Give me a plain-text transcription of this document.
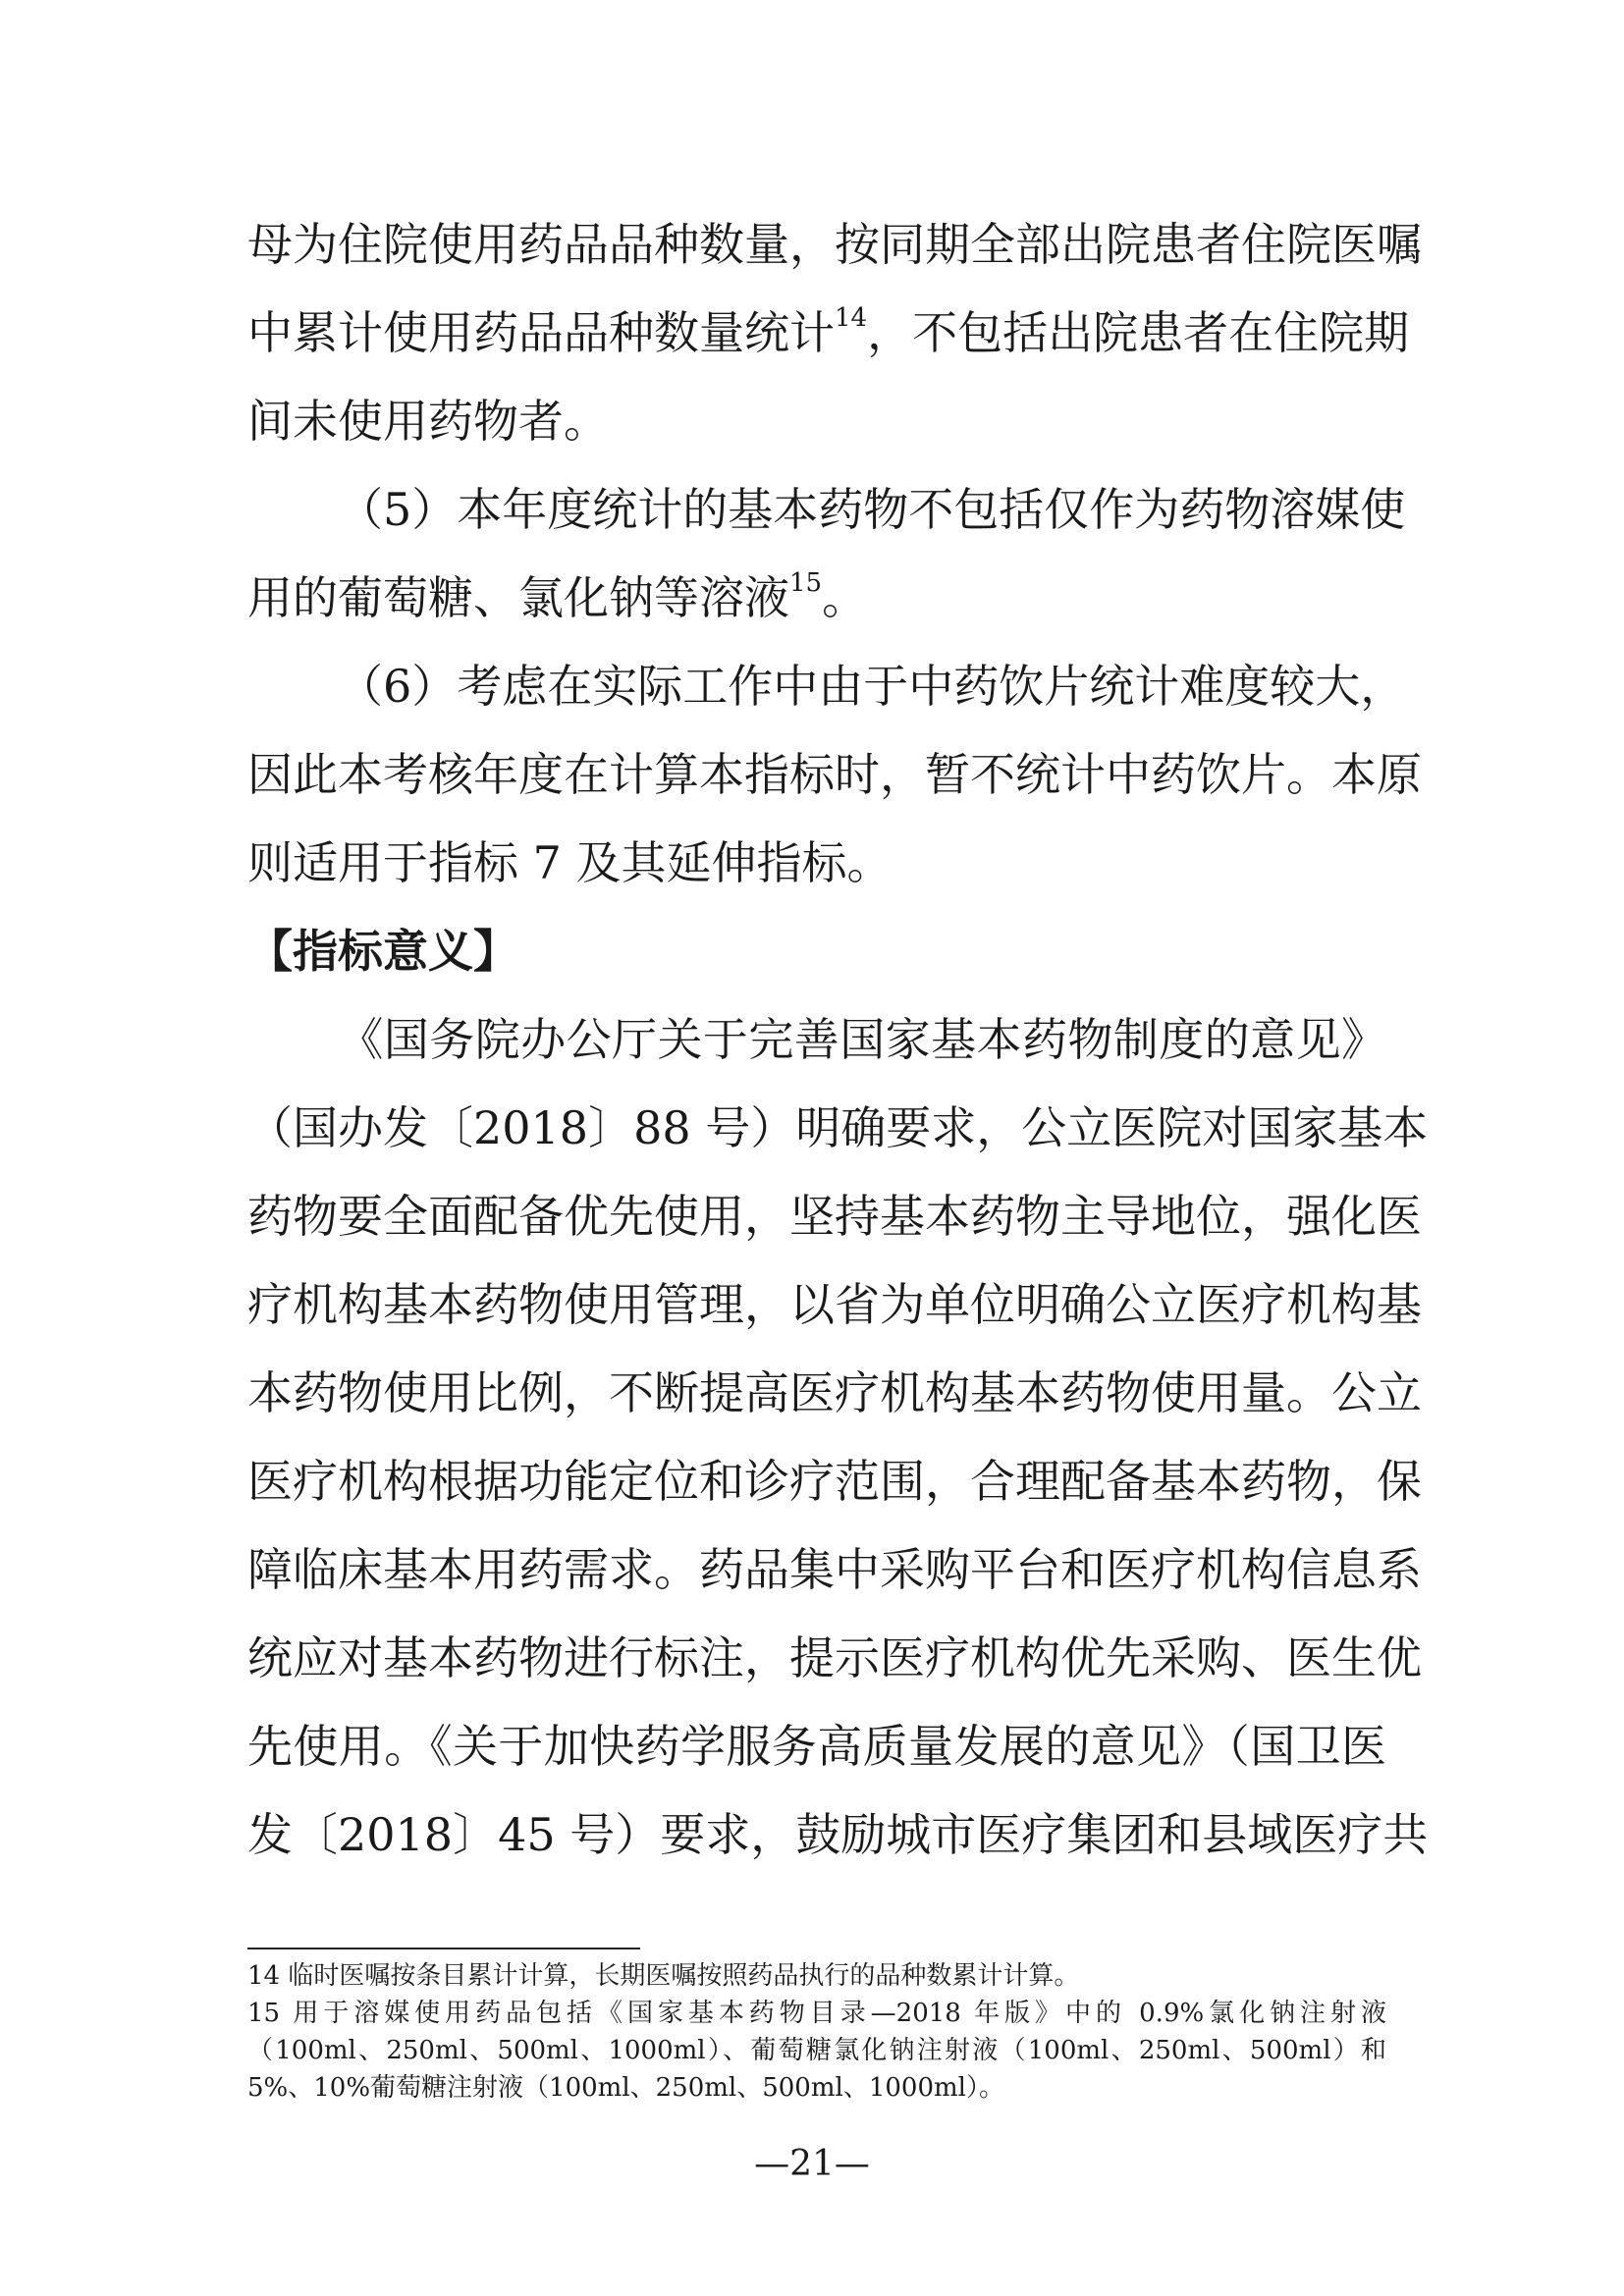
母为住院使用药品品种数量，按同期全部出院患者住院医嘱
中累计使用药品品种数量统计$^{14}$，不包括出院患者在住院期
间未使用药物者。
（5）本年度统计的基本药物不包括仅作为药物溶媒使
用的葡萄糖、氯化钠等溶液$^{15}$。
（6）考虑在实际工作中由于中药饮片统计难度较大，
因此本考核年度在计算本指标时，暂不统计中药饮片。本原
则适用于指标 7 及其延伸指标。
【指标意义】
《国务院办公厅关于完善国家基本药物制度的意见》
（国办发〔2018〕88 号）明确要求，公立医院对国家基本
药物要全面配备优先使用，坚持基本药物主导地位，强化医
疗机构基本药物使用管理，以省为单位明确公立医疗机构基
本药物使用比例，不断提高医疗机构基本药物使用量。公立
医疗机构根据功能定位和诊疗范围，合理配备基本药物，保
障临床基本用药需求。药品集中采购平台和医疗机构信息系
统应对基本药物进行标注，提示医疗机构优先采购、医生优
先使用。《关于加快药学服务高质量发展的意见》（国卫医
发〔2018〕45 号）要求，鼓励城市医疗集团和县域医疗共
14 临时医嘱按条目累计计算，长期医嘱按照药品执行的品种数累计计算。
15 用于溶媒使用药品包括《国家基本药物目录—2018 年版》中的 0.9%氯化钠注射液
（100ml、250ml、500ml、1000ml）、葡萄糖氯化钠注射液（100ml、250ml、500ml）和
5%、10%葡萄糖注射液（100ml、250ml、500ml、1000ml）。
—21—
